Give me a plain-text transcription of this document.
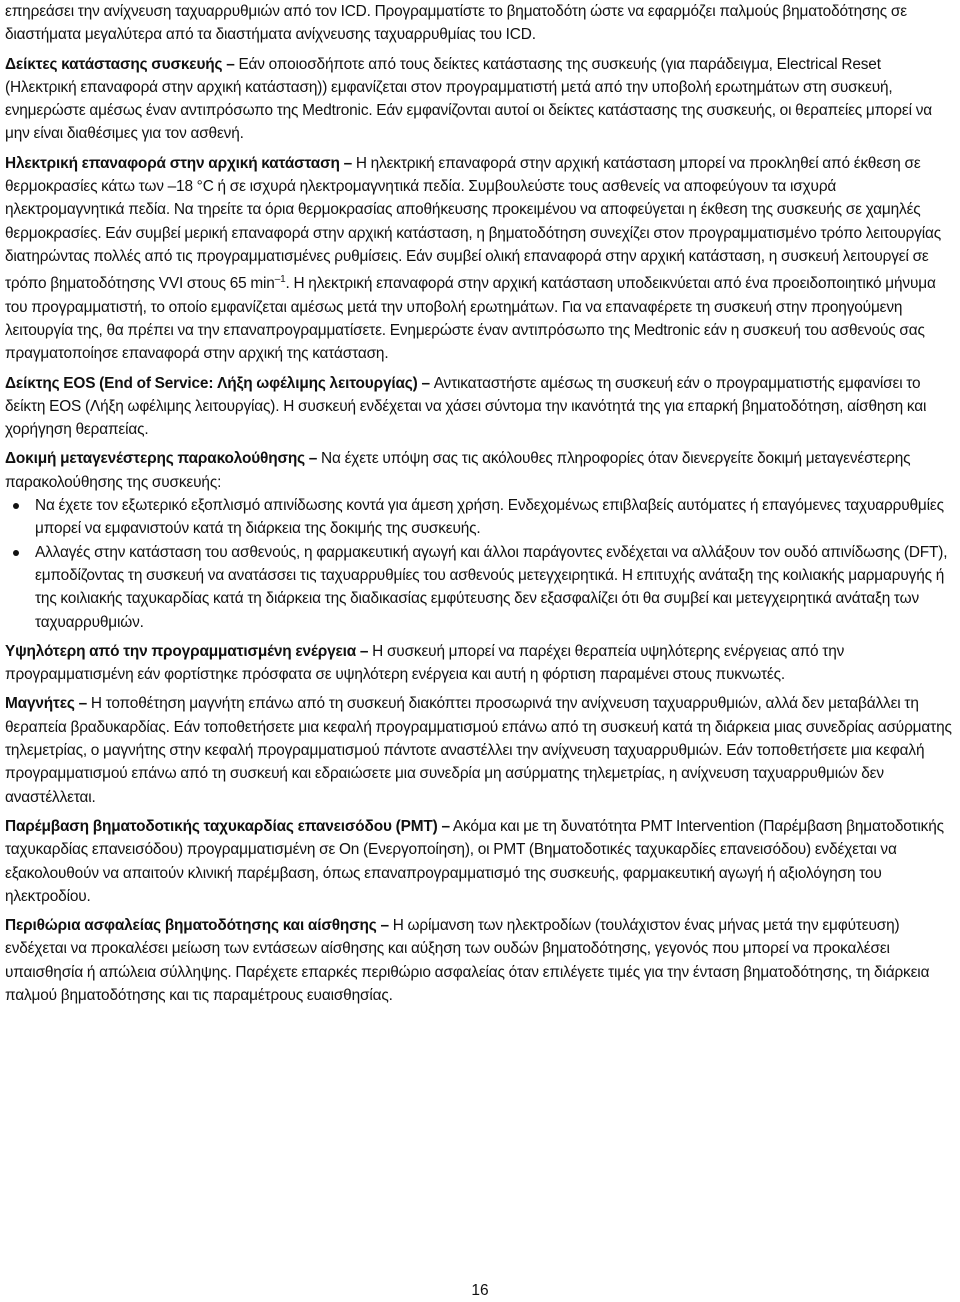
επηρεάσει την ανίχνευση ταχυαρρυθμιών από τον ICD. Προγραμματίστε το βηματοδότη ώστε να εφαρμόζει παλμούς βηματοδότησης σε διαστήματα μεγαλύτερα από τα διαστήματα ανίχνευσης ταχυαρρυθμίας του ICD.

Δείκτες κατάστασης συσκευής – Εάν οποιοσδήποτε από τους δείκτες κατάστασης της συσκευής (για παράδειγμα, Electrical Reset (Ηλεκτρική επαναφορά στην αρχική κατάσταση)) εμφανίζεται στον προγραμματιστή μετά από την υποβολή ερωτημάτων στη συσκευή, ενημερώστε αμέσως έναν αντιπρόσωπο της Medtronic. Εάν εμφανίζονται αυτοί οι δείκτες κατάστασης της συσκευής, οι θεραπείες μπορεί να μην είναι διαθέσιμες για τον ασθενή.

Ηλεκτρική επαναφορά στην αρχική κατάσταση – Η ηλεκτρική επαναφορά στην αρχική κατάσταση μπορεί να προκληθεί από έκθεση σε θερμοκρασίες κάτω των –18 °C ή σε ισχυρά ηλεκτρομαγνητικά πεδία. Συμβουλεύστε τους ασθενείς να αποφεύγουν τα ισχυρά ηλεκτρομαγνητικά πεδία. Να τηρείτε τα όρια θερμοκρασίας αποθήκευσης προκειμένου να αποφεύγεται η έκθεση της συσκευής σε χαμηλές θερμοκρασίες. Εάν συμβεί μερική επαναφορά στην αρχική κατάσταση, η βηματοδότηση συνεχίζει στον προγραμματισμένο τρόπο λειτουργίας διατηρώντας πολλές από τις προγραμματισμένες ρυθμίσεις. Εάν συμβεί ολική επαναφορά στην αρχική κατάσταση, η συσκευή λειτουργεί σε τρόπο βηματοδότησης VVI στους 65 $\min^{-1}$. Η ηλεκτρική επαναφορά στην αρχική κατάσταση υποδεικνύεται από ένα προειδοποιητικό μήνυμα του προγραμματιστή, το οποίο εμφανίζεται αμέσως μετά την υποβολή ερωτημάτων. Για να επαναφέρετε τη συσκευή στην προηγούμενη λειτουργία της, θα πρέπει να την επαναπρογραμματίσετε. Ενημερώστε έναν αντιπρόσωπο της Medtronic εάν η συσκευή του ασθενούς σας πραγματοποίησε επαναφορά στην αρχική της κατάσταση.

Δείκτης EOS (End of Service: Λήξη ωφέλιμης λειτουργίας) – Αντικαταστήστε αμέσως τη συσκευή εάν ο προγραμματιστής εμφανίσει το δείκτη EOS (Λήξη ωφέλιμης λειτουργίας). Η συσκευή ενδέχεται να χάσει σύντομα την ικανότητά της για επαρκή βηματοδότηση, αίσθηση και χορήγηση θεραπείας.

Δοκιμή μεταγενέστερης παρακολούθησης – Να έχετε υπόψη σας τις ακόλουθες πληροφορίες όταν διενεργείτε δοκιμή μεταγενέστερης παρακολούθησης της συσκευής:

Να έχετε τον εξωτερικό εξοπλισμό απινίδωσης κοντά για άμεση χρήση. Ενδεχομένως επιβλαβείς αυτόματες ή επαγόμενες ταχυαρρυθμίες μπορεί να εμφανιστούν κατά τη διάρκεια της δοκιμής της συσκευής.
Αλλαγές στην κατάσταση του ασθενούς, η φαρμακευτική αγωγή και άλλοι παράγοντες ενδέχεται να αλλάξουν τον ουδό απινίδωσης (DFT), εμποδίζοντας τη συσκευή να ανατάσσει τις ταχυαρρυθμίες του ασθενούς μετεγχειρητικά. Η επιτυχής ανάταξη της κοιλιακής μαρμαρυγής ή της κοιλιακής ταχυκαρδίας κατά τη διάρκεια της διαδικασίας εμφύτευσης δεν εξασφαλίζει ότι θα συμβεί και μετεγχειρητικά ανάταξη των ταχυαρρυθμιών.

Υψηλότερη από την προγραμματισμένη ενέργεια – Η συσκευή μπορεί να παρέχει θεραπεία υψηλότερης ενέργειας από την προγραμματισμένη εάν φορτίστηκε πρόσφατα σε υψηλότερη ενέργεια και αυτή η φόρτιση παραμένει στους πυκνωτές.

Μαγνήτες – Η τοποθέτηση μαγνήτη επάνω από τη συσκευή διακόπτει προσωρινά την ανίχνευση ταχυαρρυθμιών, αλλά δεν μεταβάλλει τη θεραπεία βραδυκαρδίας. Εάν τοποθετήσετε μια κεφαλή προγραμματισμού επάνω από τη συσκευή κατά τη διάρκεια μιας συνεδρίας ασύρματης τηλεμετρίας, ο μαγνήτης στην κεφαλή προγραμματισμού πάντοτε αναστέλλει την ανίχνευση ταχυαρρυθμιών. Εάν τοποθετήσετε μια κεφαλή προγραμματισμού επάνω από τη συσκευή και εδραιώσετε μια συνεδρία μη ασύρματης τηλεμετρίας, η ανίχνευση ταχυαρρυθμιών δεν αναστέλλεται.

Παρέμβαση βηματοδοτικής ταχυκαρδίας επανεισόδου (PMT) – Ακόμα και με τη δυνατότητα PMT Intervention (Παρέμβαση βηματοδοτικής ταχυκαρδίας επανεισόδου) προγραμματισμένη σε On (Ενεργοποίηση), οι PMT (Βηματοδοτικές ταχυκαρδίες επανεισόδου) ενδέχεται να εξακολουθούν να απαιτούν κλινική παρέμβαση, όπως επαναπρογραμματισμό της συσκευής, φαρμακευτική αγωγή ή αξιολόγηση του ηλεκτροδίου.

Περιθώρια ασφαλείας βηματοδότησης και αίσθησης – Η ωρίμανση των ηλεκτροδίων (τουλάχιστον ένας μήνας μετά την εμφύτευση) ενδέχεται να προκαλέσει μείωση των εντάσεων αίσθησης και αύξηση των ουδών βηματοδότησης, γεγονός που μπορεί να προκαλέσει υπαισθησία ή απώλεια σύλληψης. Παρέχετε επαρκές περιθώριο ασφαλείας όταν επιλέγετε τιμές για την ένταση βηματοδότησης, τη διάρκεια παλμού βηματοδότησης και τις παραμέτρους ευαισθησίας.

16
